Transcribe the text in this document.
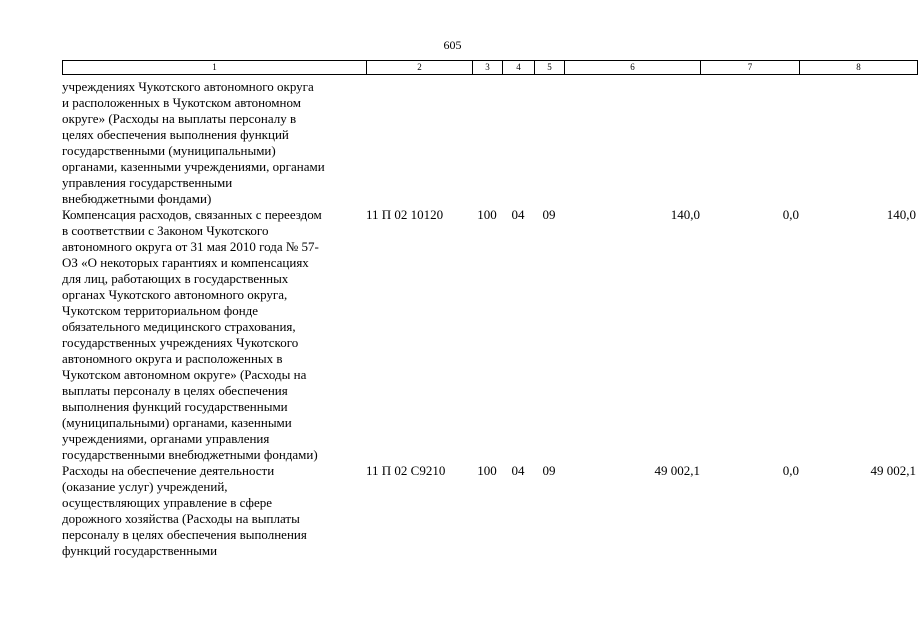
605
1	2	3	4	5	6	7	8
учреждениях Чукотского автономного округа
и расположенных в Чукотском автономном
округе» (Расходы на выплаты персоналу в
целях обеспечения выполнения функций
государственными (муниципальными)
органами, казенными учреждениями, органами
управления государственными
внебюджетными фондами)
Компенсация расходов, связанных с переездом
в соответствии с Законом Чукотского
автономного округа от 31 мая 2010 года № 57-
ОЗ «О некоторых гарантиях и компенсациях
для лиц, работающих в государственных
органах Чукотского автономного округа,
Чукотском территориальном фонде
обязательного медицинского страхования,
государственных учреждениях Чукотского
автономного округа и расположенных в
Чукотском автономном округе» (Расходы на
выплаты персоналу в целях обеспечения
выполнения функций государственными
(муниципальными) органами, казенными
учреждениями, органами управления
государственными внебюджетными фондами)
11 П 02 10120	100	04	09	140,0	0,0	140,0
Расходы на обеспечение деятельности
(оказание услуг) учреждений,
осуществляющих управление в сфере
дорожного хозяйства (Расходы на выплаты
персоналу в целях обеспечения выполнения
функций государственными
11 П 02 С9210	100	04	09	49 002,1	0,0	49 002,1
